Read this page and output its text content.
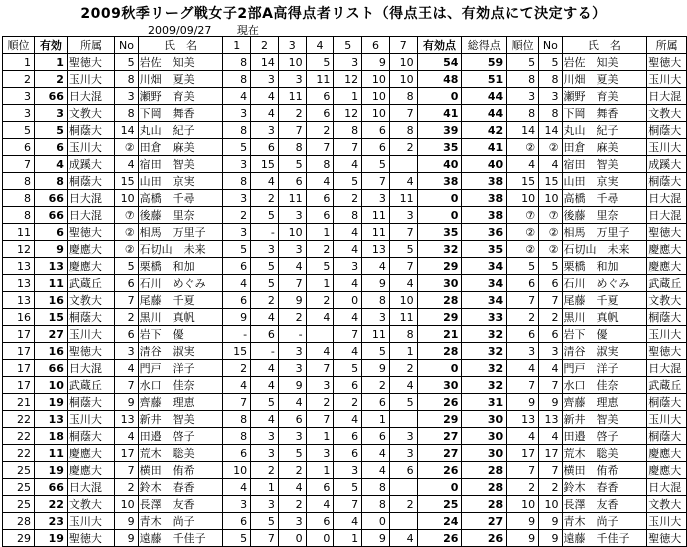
2009秋季リーグ戦女子2部A高得点者リスト（得点王は、有効点にて決定する）
2009/09/27 現在
順位	有効	所属	No	氏　名	1	2	3	4	5	6	7	有効点	総得点	順位	No	氏　名	所属
1	1	聖徳大	5	岩佐　知美	8	14	10	5	3	9	10	54	59	5	5	岩佐　知美	聖徳大
2	2	玉川大	8	川畑　夏美	8	3	3	11	12	10	10	48	51	8	8	川畑　夏美	玉川大
3	66	日大混	3	瀬野　育美	4	4	11	6	1	10	8	0	44	3	3	瀬野　育美	日大混
3	3	文教大	8	下岡　舞香	3	4	2	6	12	10	7	41	44	8	8	下岡　舞香	文教大
5	5	桐蔭大	14	丸山　紀子	8	3	7	2	8	6	8	39	42	14	14	丸山　紀子	桐蔭大
6	6	玉川大	②	田倉　麻美	5	6	8	7	7	6	2	35	41	②	②	田倉　麻美	玉川大
7	4	成蹊大	4	宿田　智美	3	15	5	8	4	5		40	40	4	4	宿田　智美	成蹊大
8	8	桐蔭大	15	山田　京実	8	4	6	4	5	7	4	38	38	15	15	山田　京実	桐蔭大
8	66	日大混	10	高橋　千尋	3	2	11	6	2	3	11	0	38	10	10	高橋　千尋	日大混
8	66	日大混	⑦	後藤　里奈	2	5	3	6	8	11	3	0	38	⑦	⑦	後藤　里奈	日大混
11	6	聖徳大	②	相馬　万里子	3	-	10	1	4	11	7	35	36	②	②	相馬　万里子	聖徳大
12	9	慶應大	②	石切山　未来	5	3	3	2	4	13	5	32	35	②	②	石切山　未来	慶應大
13	13	慶應大	5	栗橋　和加	6	5	4	5	3	4	7	29	34	5	5	栗橋　和加	慶應大
13	11	武蔵丘	6	石川　めぐみ	4	5	7	1	4	9	4	30	34	6	6	石川　めぐみ	武蔵丘
13	16	文教大	7	尾藤　千夏	6	2	9	2	0	8	10	28	34	7	7	尾藤　千夏	文教大
16	15	桐蔭大	2	黒川　真帆	9	4	2	4	4	3	11	29	33	2	2	黒川　真帆	桐蔭大
17	27	玉川大	6	岩下　優	-	6	-		7	11	8	21	32	6	6	岩下　優	玉川大
17	16	聖徳大	3	清谷　淑実	15	-	3	4	4	5	1	28	32	3	3	清谷　淑実	聖徳大
17	66	日大混	4	門戸　洋子	2	4	3	7	5	9	2	0	32	4	4	門戸　洋子	日大混
17	10	武蔵丘	7	水口　佳奈	4	4	9	3	6	2	4	30	32	7	7	水口　佳奈	武蔵丘
21	19	桐蔭大	9	齊藤　理恵	7	5	4	2	2	6	5	26	31	9	9	齊藤　理恵	桐蔭大
22	13	玉川大	13	新井　智美	8	4	6	7	4	1		29	30	13	13	新井　智美	玉川大
22	18	桐蔭大	4	田邉　啓子	8	3	3	1	6	6	3	27	30	4	4	田邉　啓子	桐蔭大
22	11	慶應大	17	荒木　聡美	6	3	5	3	6	4	3	27	30	17	17	荒木　聡美	慶應大
25	19	慶應大	7	横田　侑希	10	2	2	1	3	4	6	26	28	7	7	横田　侑希	慶應大
25	66	日大混	2	鈴木　春香	4	1	4	6	5	8		0	28	2	2	鈴木　春香	日大混
25	22	文教大	10	長澤　友香	3	3	2	4	7	8	2	25	28	10	10	長澤　友香	文教大
28	23	玉川大	9	青木　尚子	6	5	3	6	4	0		24	27	9	9	青木　尚子	玉川大
29	19	聖徳大	9	遠藤　千佳子	5	7	0	0	1	9	4	26	26	9	9	遠藤　千佳子	聖徳大
